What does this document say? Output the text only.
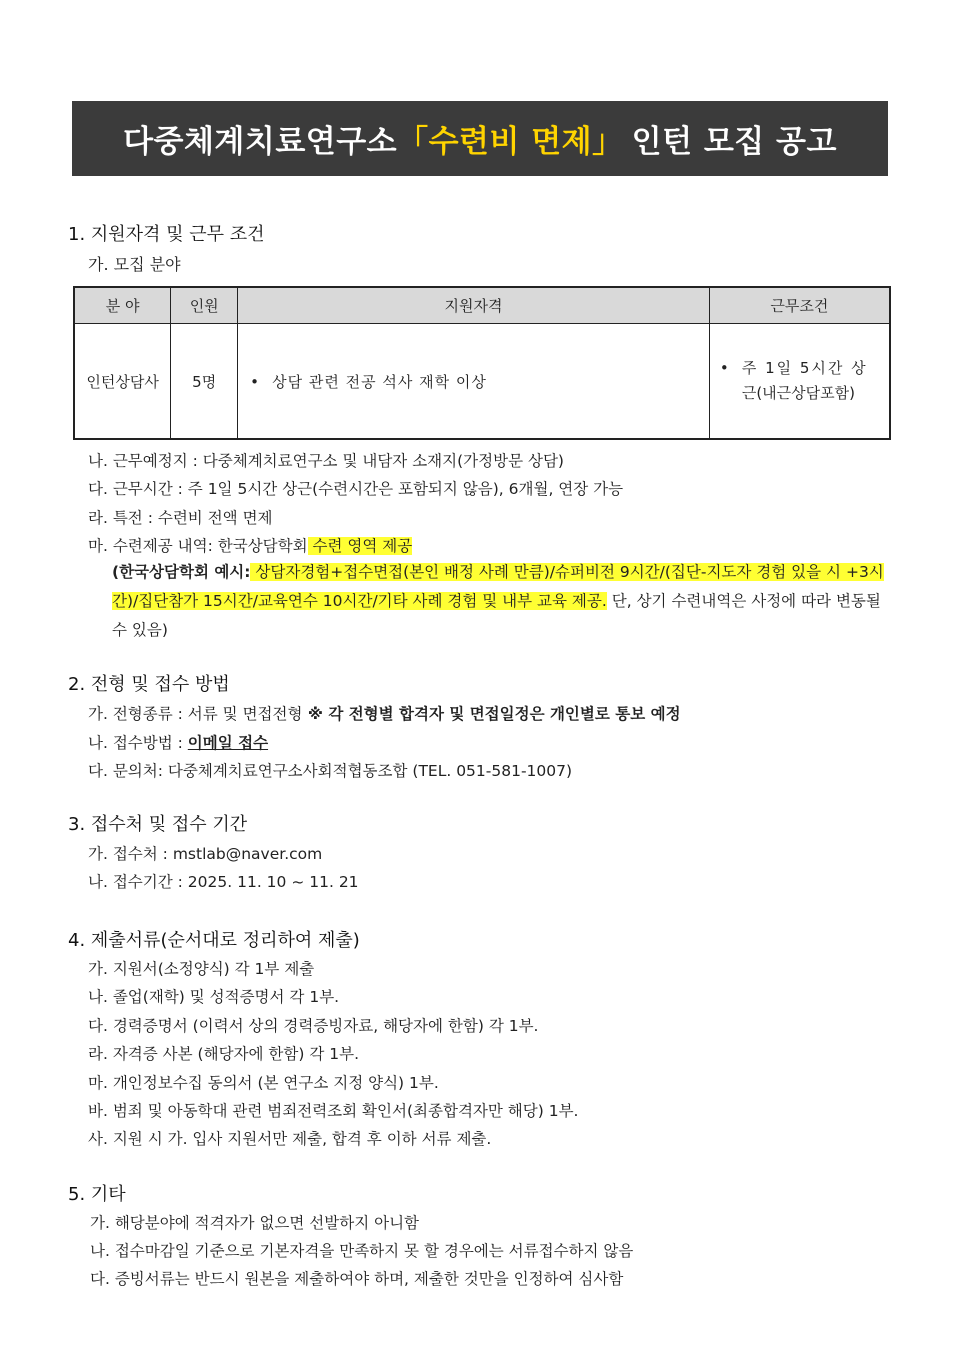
다중체계치료연구소 「수련비 면제」 인턴 모집 공고
1. 지원자격 및 근무 조건
가. 모집 분야
분 야	인원	지원자격	근무조건
인턴상담사	5명	• 상담 관련 전공 석사 재학 이상	• 주 1일 5시간 상
근(내근상담포함)
나. 근무예정지 : 다중체계치료연구소 및 내담자 소재지(가정방문 상담)
다. 근무시간 : 주 1일 5시간 상근(수련시간은 포함되지 않음), 6개월, 연장 가능
라. 특전 : 수련비 전액 면제
마. 수련제공 내역: 한국상담학회 수련 영역 제공
(한국상담학회 예시: 상담자경험+접수면접(본인 배정 사례 만큼)/슈퍼비전 9시간/(집단-지도자 경험 있을 시 +3시간)/집단참가 15시간/교육연수 10시간/기타 사례 경험 및 내부 교육 제공. 단, 상기 수련내역은 사정에 따라 변동될 수 있음)
2. 전형 및 접수 방법
가. 전형종류 : 서류 및 면접전형 ※ 각 전형별 합격자 및 면접일정은 개인별로 통보 예정
나. 접수방법 : 이메일 접수
다. 문의처: 다중체계치료연구소사회적협동조합 (TEL. 051-581-1007)
3. 접수처 및 접수 기간
가. 접수처 : mstlab@naver.com
나. 접수기간 : 2025. 11. 10 ~ 11. 21
4. 제출서류(순서대로 정리하여 제출)
가. 지원서(소정양식) 각 1부 제출
나. 졸업(재학) 및 성적증명서 각 1부.
다. 경력증명서 (이력서 상의 경력증빙자료, 해당자에 한함) 각 1부.
라. 자격증 사본 (해당자에 한함) 각 1부.
마. 개인정보수집 동의서 (본 연구소 지정 양식) 1부.
바. 범죄 및 아동학대 관련 범죄전력조회 확인서(최종합격자만 해당) 1부.
사. 지원 시 가. 입사 지원서만 제출, 합격 후 이하 서류 제출.
5. 기타
가. 해당분야에 적격자가 없으면 선발하지 아니함
나. 접수마감일 기준으로 기본자격을 만족하지 못 할 경우에는 서류접수하지 않음
다. 증빙서류는 반드시 원본을 제출하여야 하며, 제출한 것만을 인정하여 심사함
